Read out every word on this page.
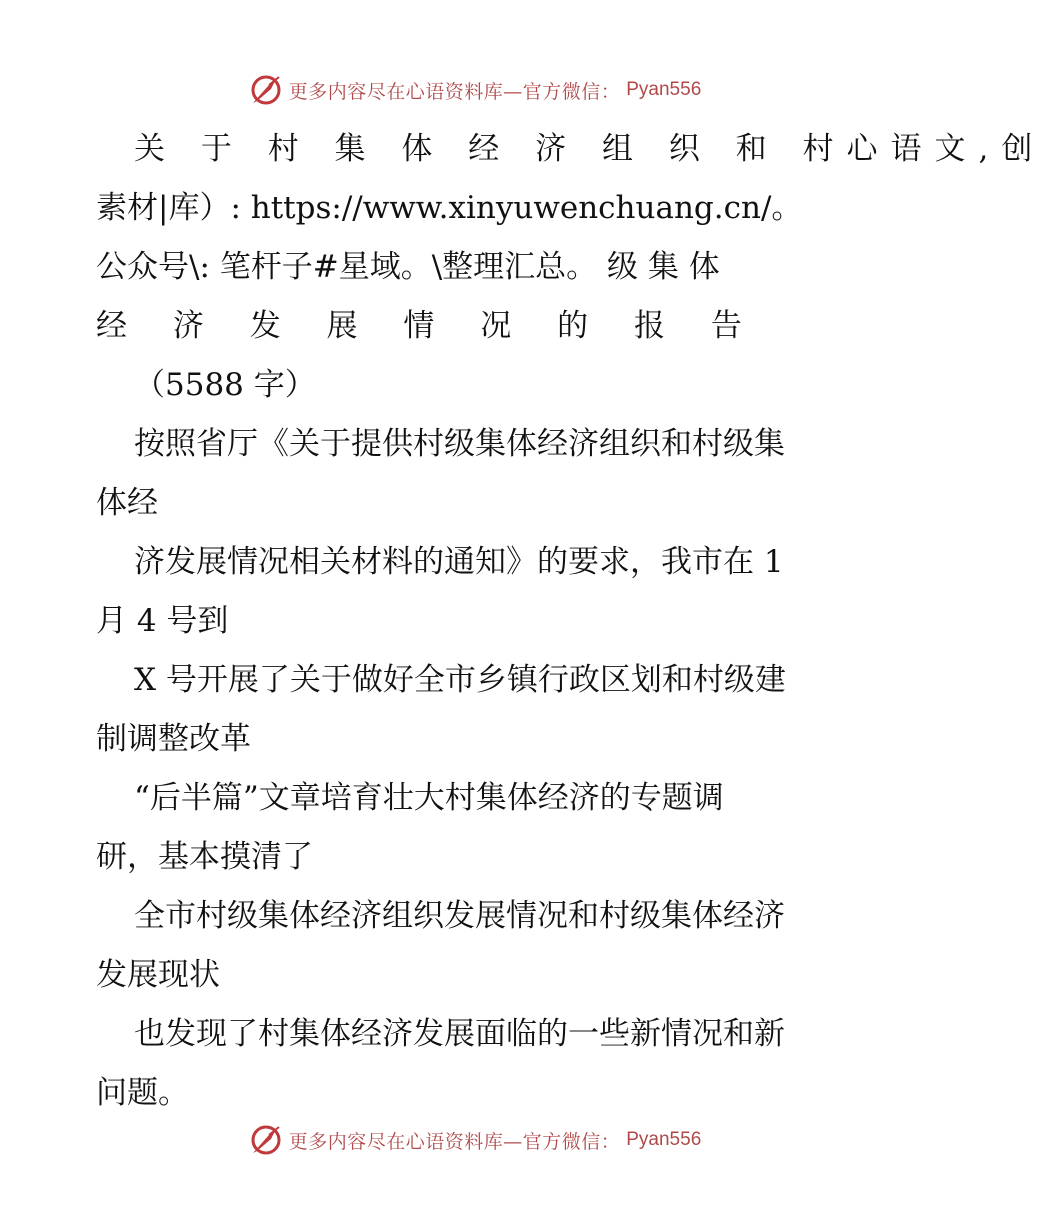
更多内容尽在心语资料库—官方微信： Pyan556
关 于 村 集 体 经 济 组 织 和 村心语文,创
素材|库）: https://www.xinyuwenchuang.cn/。
公众号\: 笔杆子#星域。\整理汇总。 级 集 体
经 济 发 展 情 况 的 报 告
（5588 字）
按照省厅《关于提供村级集体经济组织和村级集
体经
济发展情况相关材料的通知》的要求，我市在 1
月 4 号到
X 号开展了关于做好全市乡镇行政区划和村级建
制调整改革
“后半篇”文章培育壮大村集体经济的专题调
研，基本摸清了
全市村级集体经济组织发展情况和村级集体经济
发展现状
也发现了村集体经济发展面临的一些新情况和新
问题。
更多内容尽在心语资料库—官方微信： Pyan556
